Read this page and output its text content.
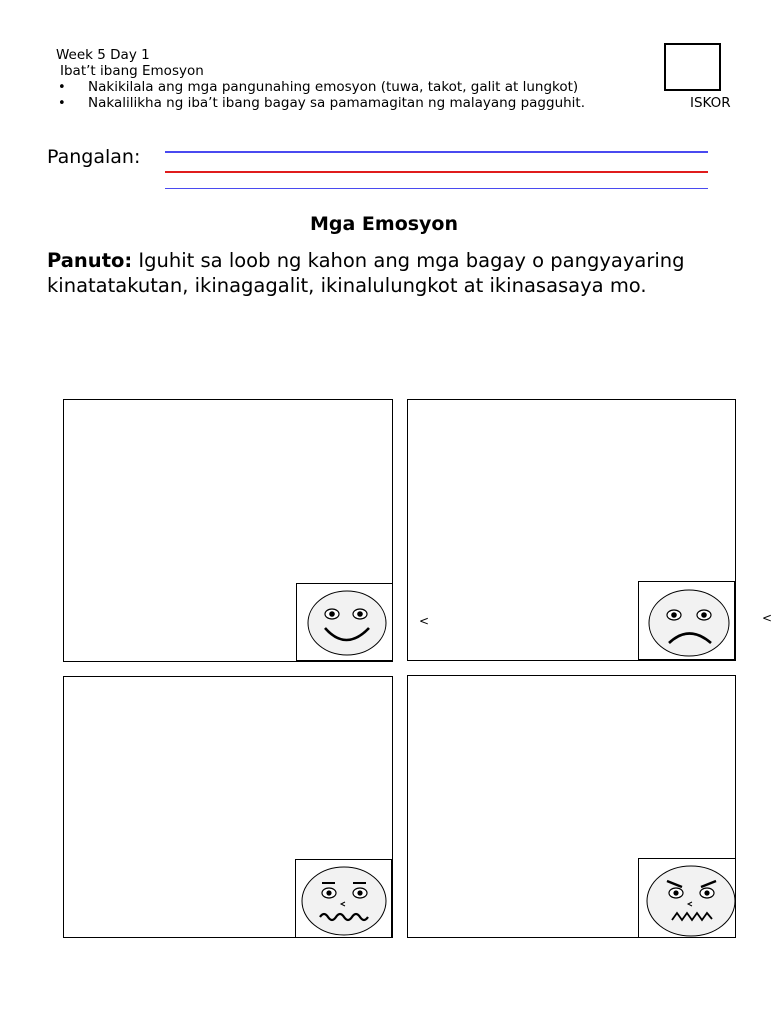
Week 5 Day 1
Ibat’t ibang Emosyon
• Nakikilala ang mga pangunahing emosyon (tuwa, takot, galit at lungkot)
• Nakalilikha ng iba’t ibang bagay sa pamamagitan ng malayang pagguhit.	ISKOR
Pangalan:
Mga Emosyon
Panuto: Iguhit sa loob ng kahon ang mga bagay o pangyayaring kinatatakutan, ikinagagalit, ikinalulungkot at ikinasasaya mo.
<	<
